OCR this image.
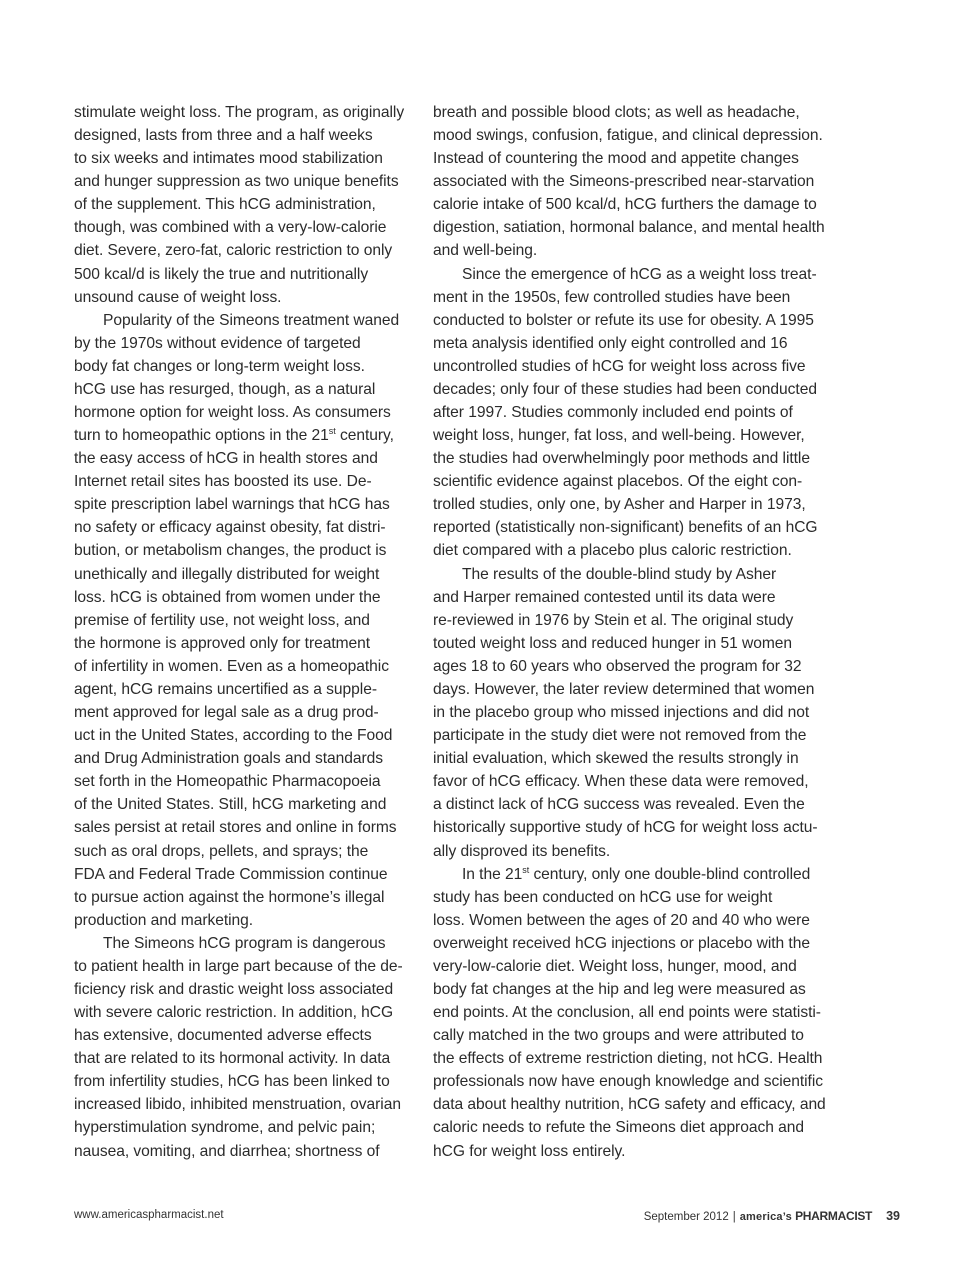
stimulate weight loss. The program, as originally
designed, lasts from three and a half weeks
to six weeks and intimates mood stabilization
and hunger suppression as two unique benefits
of the supplement. This hCG administration,
though, was combined with a very-low-calorie
diet. Severe, zero-fat, caloric restriction to only
500 kcal/d is likely the true and nutritionally
unsound cause of weight loss.
Popularity of the Simeons treatment waned
by the 1970s without evidence of targeted
body fat changes or long-term weight loss.
hCG use has resurged, though, as a natural
hormone option for weight loss. As consumers
turn to homeopathic options in the 21st century,
the easy access of hCG in health stores and
Internet retail sites has boosted its use. De-
spite prescription label warnings that hCG has
no safety or efficacy against obesity, fat distri-
bution, or metabolism changes, the product is
unethically and illegally distributed for weight
loss. hCG is obtained from women under the
premise of fertility use, not weight loss, and
the hormone is approved only for treatment
of infertility in women. Even as a homeopathic
agent, hCG remains uncertified as a supple-
ment approved for legal sale as a drug prod-
uct in the United States, according to the Food
and Drug Administration goals and standards
set forth in the Homeopathic Pharmacopoeia
of the United States. Still, hCG marketing and
sales persist at retail stores and online in forms
such as oral drops, pellets, and sprays; the
FDA and Federal Trade Commission continue
to pursue action against the hormone’s illegal
production and marketing.
The Simeons hCG program is dangerous
to patient health in large part because of the de-
ficiency risk and drastic weight loss associated
with severe caloric restriction. In addition, hCG
has extensive, documented adverse effects
that are related to its hormonal activity. In data
from infertility studies, hCG has been linked to
increased libido, inhibited menstruation, ovarian
hyperstimulation syndrome, and pelvic pain;
nausea, vomiting, and diarrhea; shortness of
breath and possible blood clots; as well as headache,
mood swings, confusion, fatigue, and clinical depression.
Instead of countering the mood and appetite changes
associated with the Simeons-prescribed near-starvation
calorie intake of 500 kcal/d, hCG furthers the damage to
digestion, satiation, hormonal balance, and mental health
and well-being.
Since the emergence of hCG as a weight loss treat-
ment in the 1950s, few controlled studies have been
conducted to bolster or refute its use for obesity. A 1995
meta analysis identified only eight controlled and 16
uncontrolled studies of hCG for weight loss across five
decades; only four of these studies had been conducted
after 1997. Studies commonly included end points of
weight loss, hunger, fat loss, and well-being. However,
the studies had overwhelmingly poor methods and little
scientific evidence against placebos. Of the eight con-
trolled studies, only one, by Asher and Harper in 1973,
reported (statistically non-significant) benefits of an hCG
diet compared with a placebo plus caloric restriction.
The results of the double-blind study by Asher
and Harper remained contested until its data were
re-reviewed in 1976 by Stein et al. The original study
touted weight loss and reduced hunger in 51 women
ages 18 to 60 years who observed the program for 32
days. However, the later review determined that women
in the placebo group who missed injections and did not
participate in the study diet were not removed from the
initial evaluation, which skewed the results strongly in
favor of hCG efficacy. When these data were removed,
a distinct lack of hCG success was revealed. Even the
historically supportive study of hCG for weight loss actu-
ally disproved its benefits.
In the 21st century, only one double-blind controlled
study has been conducted on hCG use for weight
loss. Women between the ages of 20 and 40 who were
overweight received hCG injections or placebo with the
very-low-calorie diet. Weight loss, hunger, mood, and
body fat changes at the hip and leg were measured as
end points. At the conclusion, all end points were statisti-
cally matched in the two groups and were attributed to
the effects of extreme restriction dieting, not hCG. Health
professionals now have enough knowledge and scientific
data about healthy nutrition, hCG safety and efficacy, and
caloric needs to refute the Simeons diet approach and
hCG for weight loss entirely.
www.americaspharmacist.net	September 2012 | america’s PHARMACIST 39
